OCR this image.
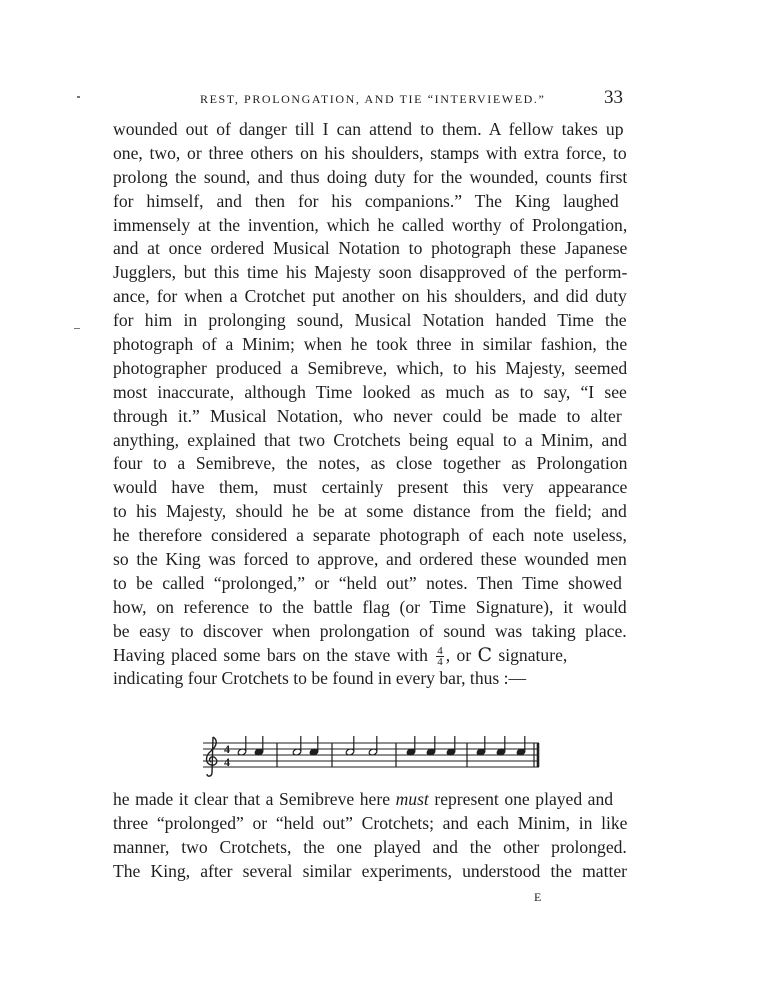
REST, PROLONGATION, AND TIE “INTERVIEWED.”	33
wounded out of danger till I can attend to them. A fellow takes up
one, two, or three others on his shoulders, stamps with extra force, to
prolong the sound, and thus doing duty for the wounded, counts first
for himself, and then for his companions.” The King laughed
immensely at the invention, which he called worthy of Prolongation,
and at once ordered Musical Notation to photograph these Japanese
Jugglers, but this time his Majesty soon disapproved of the perform-
ance, for when a Crotchet put another on his shoulders, and did duty
for him in prolonging sound, Musical Notation handed Time the
photograph of a Minim; when he took three in similar fashion, the
photographer produced a Semibreve, which, to his Majesty, seemed
most inaccurate, although Time looked as much as to say, “I see
through it.” Musical Notation, who never could be made to alter
anything, explained that two Crotchets being equal to a Minim, and
four to a Semibreve, the notes, as close together as Prolongation
would have them, must certainly present this very appearance
to his Majesty, should he be at some distance from the field; and
he therefore considered a separate photograph of each note useless,
so the King was forced to approve, and ordered these wounded men
to be called “prolonged,” or “held out” notes. Then Time showed
how, on reference to the battle flag (or Time Signature), it would
be easy to discover when prolongation of sound was taking place.
Having placed some bars on the stave with $\frac{4}{4}$ , or C signature,
indicating four Crotchets to be found in every bar, thus :—
4
4
he made it clear that a Semibreve here must represent one played and
three “prolonged” or “held out” Crotchets; and each Minim, in like
manner, two Crotchets, the one played and the other prolonged.
The King, after several similar experiments, understood the matter
E
